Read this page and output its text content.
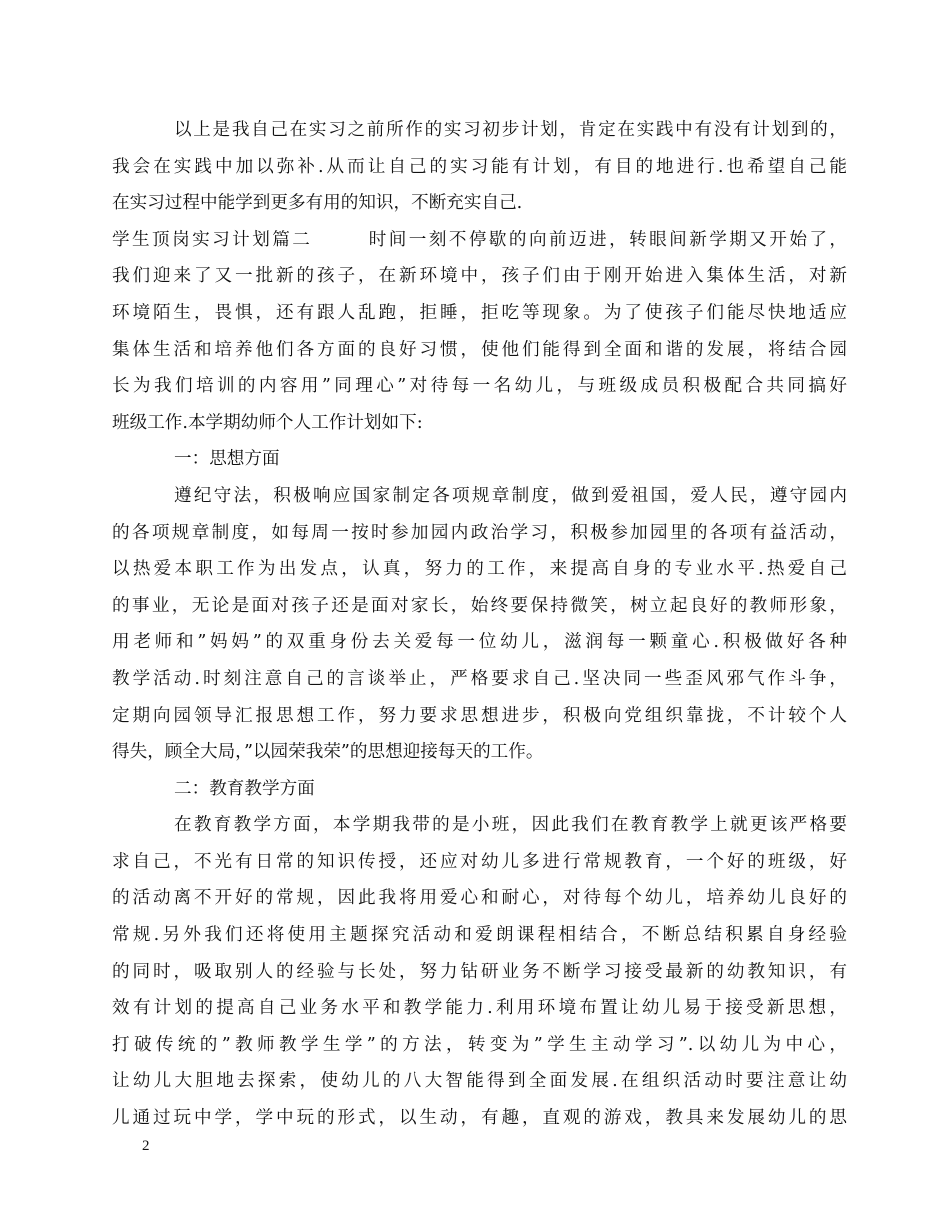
以上是我自己在实习之前所作的实习初步计划，肯定在实践中有没有计划到的，
我会在实践中加以弥补.从而让自己的实习能有计划，有目的地进行.也希望自己能
在实习过程中能学到更多有用的知识，不断充实自己.
学生顶岗实习计划篇二	时间一刻不停歇的向前迈进，转眼间新学期又开始了，
我们迎来了又一批新的孩子，在新环境中，孩子们由于刚开始进入集体生活，对新
环境陌生，畏惧，还有跟人乱跑，拒睡，拒吃等现象。为了使孩子们能尽快地适应
集体生活和培养他们各方面的良好习惯，使他们能得到全面和谐的发展，将结合园
长为我们培训的内容用”同理心”对待每一名幼儿，与班级成员积极配合共同搞好
班级工作.本学期幼师个人工作计划如下:
一：思想方面
遵纪守法，积极响应国家制定各项规章制度，做到爱祖国，爱人民，遵守园内
的各项规章制度，如每周一按时参加园内政治学习，积极参加园里的各项有益活动，
以热爱本职工作为出发点，认真，努力的工作，来提高自身的专业水平.热爱自己
的事业，无论是面对孩子还是面对家长，始终要保持微笑，树立起良好的教师形象，
用老师和”妈妈”的双重身份去关爱每一位幼儿，滋润每一颗童心.积极做好各种
教学活动.时刻注意自己的言谈举止，严格要求自己.坚决同一些歪风邪气作斗争，
定期向园领导汇报思想工作，努力要求思想进步，积极向党组织靠拢，不计较个人
得失，顾全大局，”以园荣我荣”的思想迎接每天的工作。
二：教育教学方面
在教育教学方面，本学期我带的是小班，因此我们在教育教学上就更该严格要
求自己，不光有日常的知识传授，还应对幼儿多进行常规教育，一个好的班级，好
的活动离不开好的常规，因此我将用爱心和耐心，对待每个幼儿，培养幼儿良好的
常规.另外我们还将使用主题探究活动和爱朗课程相结合，不断总结积累自身经验
的同时，吸取别人的经验与长处，努力钻研业务不断学习接受最新的幼教知识，有
效有计划的提高自己业务水平和教学能力.利用环境布置让幼儿易于接受新思想，
打破传统的”教师教学生学”的方法，转变为”学生主动学习”.以幼儿为中心，
让幼儿大胆地去探索，使幼儿的八大智能得到全面发展.在组织活动时要注意让幼
儿通过玩中学，学中玩的形式，以生动，有趣，直观的游戏，教具来发展幼儿的思
2
